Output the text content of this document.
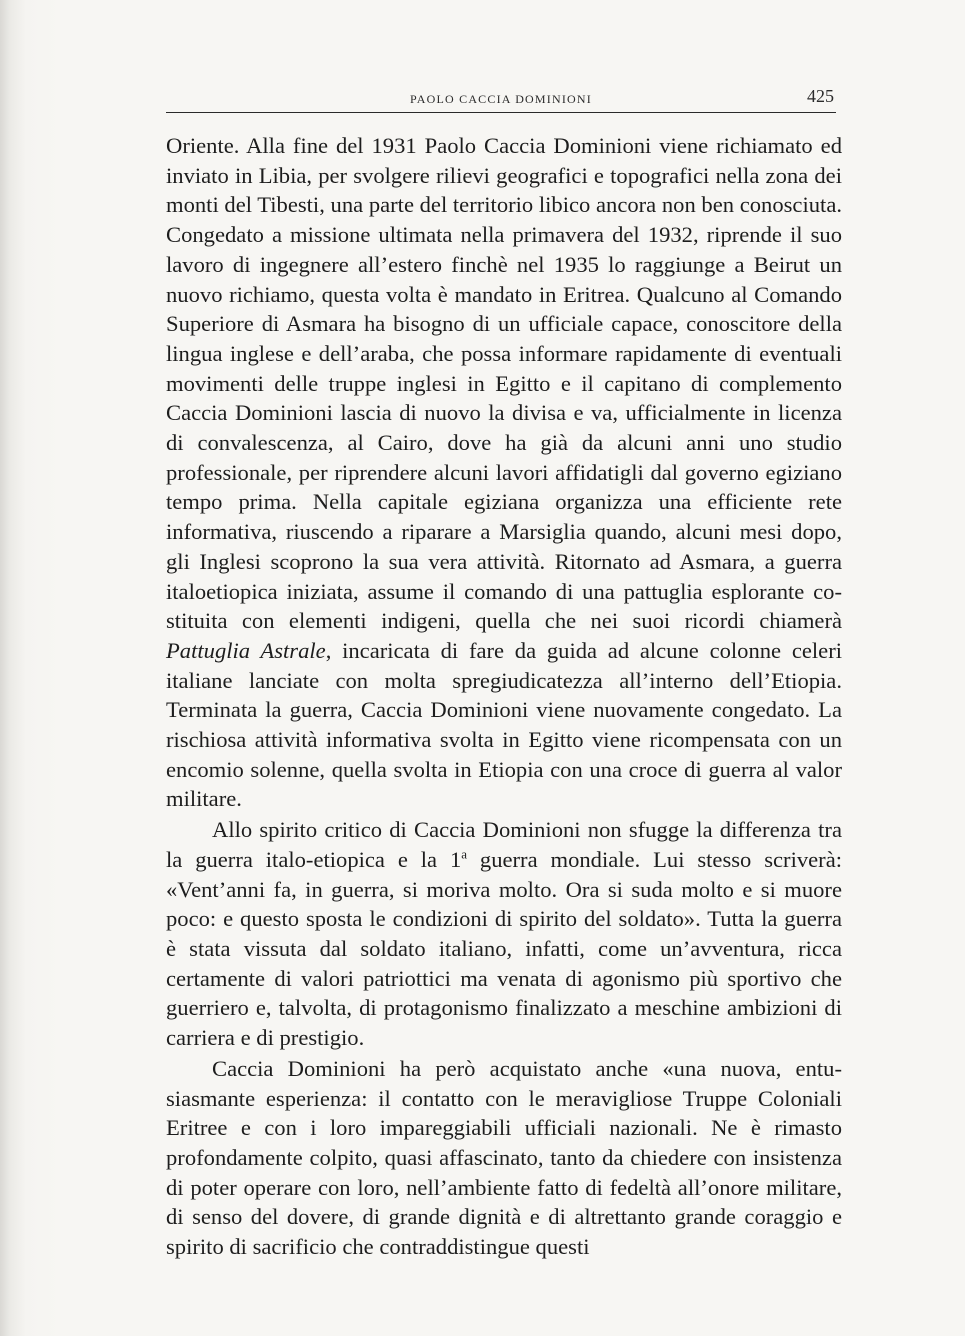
PAOLO CACCIA DOMINIONI	425

Oriente. Alla fine del 1931 Paolo Caccia Dominioni viene richiamato ed inviato in Libia, per svolgere rilievi geografici e topografici nella zona dei monti del Tibesti, una parte del territorio libico ancora non ben conosciuta. Congedato a missione ultimata nella primavera del 1932, riprende il suo lavoro di ingegnere all’estero finchè nel 1935 lo raggiunge a Beirut un nuovo richiamo, questa volta è mandato in Eritrea. Qualcuno al Comando Superiore di Asmara ha bisogno di un ufficiale capace, conoscitore della lingua inglese e dell’araba, che possa informare rapidamente di eventuali movimenti delle truppe inglesi in Egitto e il capitano di complemento Caccia Dominioni lascia di nuovo la divisa e va, ufficialmente in licenza di convalescenza, al Cairo, dove ha già da alcuni anni uno studio professionale, per riprendere alcuni lavori affidatigli dal governo egiziano tempo prima. Nella capitale egiziana organizza una efficiente rete informativa, riuscendo a riparare a Marsiglia quando, alcuni mesi dopo, gli Inglesi scoprono la sua vera attività. Ritornato ad Asmara, a guerra italoetiopica iniziata, assume il comando di una pattuglia esplorante costituita con elementi indigeni, quella che nei suoi ricordi chiamerà Pattuglia Astrale, incaricata di fare da guida ad alcune colonne celeri italiane lanciate con molta spregiudicatezza all’interno dell’Etiopia. Terminata la guerra, Caccia Dominioni viene nuovamente congedato. La rischiosa attività informativa svolta in Egitto viene ricompensata con un encomio solenne, quella svolta in Etiopia con una croce di guerra al valor militare.

Allo spirito critico di Caccia Dominioni non sfugge la differenza tra la guerra italo-etiopica e la 1$^a$ guerra mondiale. Lui stesso scriverà: «Vent’anni fa, in guerra, si moriva molto. Ora si suda molto e si muore poco: e questo sposta le condizioni di spirito del soldato». Tutta la guerra è stata vissuta dal soldato italiano, infatti, come un’avventura, ricca certamente di valori patriottici ma venata di agonismo più sportivo che guerriero e, talvolta, di protagonismo finalizzato a meschine ambizioni di carriera e di prestigio.

Caccia Dominioni ha però acquistato anche «una nuova, entusiasmante esperienza: il contatto con le meravigliose Truppe Coloniali Eritree e con i loro impareggiabili ufficiali nazionali. Ne è rimasto profondamente colpito, quasi affascinato, tanto da chiedere con insistenza di poter operare con loro, nell’ambiente fatto di fedeltà all’onore militare, di senso del dovere, di grande dignità e di altrettanto grande coraggio e spirito di sacrificio che contraddistingue questi
